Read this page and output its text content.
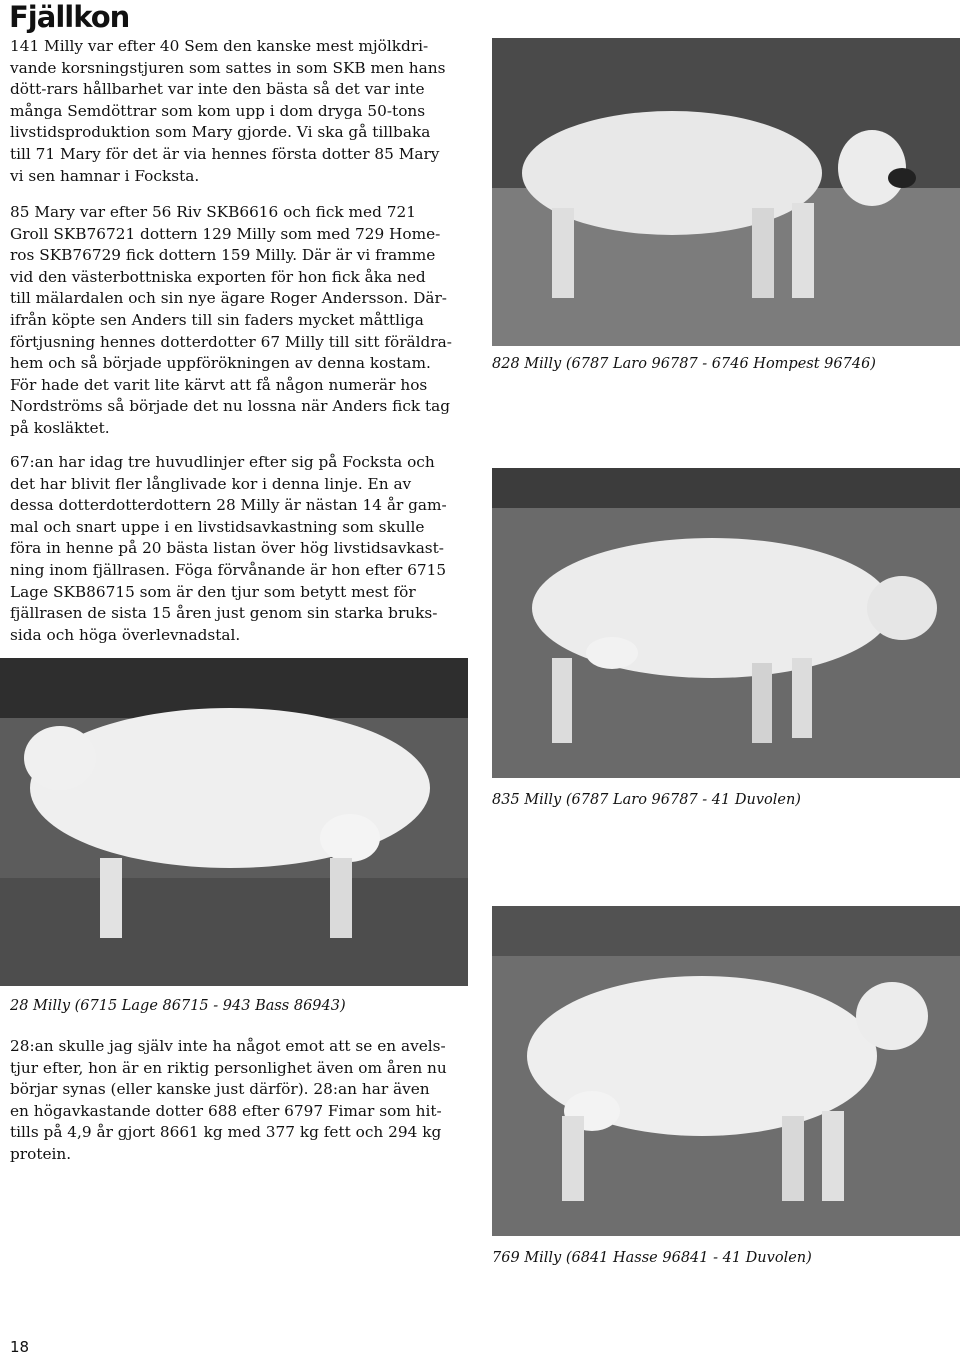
Fjällkon
141 Milly var efter 40 Sem den kanske mest mjölkdri-
vande korsningstjuren som sattes in som SKB men hans
dött-rars hållbarhet var inte den bästa så det var inte
många Semdöttrar som kom upp i dom dryga 50-tons
livstidsproduktion som Mary gjorde. Vi ska gå tillbaka
till 71 Mary för det är via hennes första dotter 85 Mary
vi sen hamnar i Focksta.
85 Mary var efter 56 Riv SKB6616 och fick med 721
Groll SKB76721 dottern 129 Milly som med 729 Home-
ros SKB76729 fick dottern 159 Milly. Där är vi framme
vid den västerbottniska exporten för hon fick åka ned
till mälardalen och sin nye ägare Roger Andersson. Där-
ifrån köpte sen Anders till sin faders mycket måttliga
förtjusning hennes dotterdotter 67 Milly till sitt föräldra-
hem och så började uppförökningen av denna kostam.
För hade det varit lite kärvt att få någon numerär hos
Nordströms så började det nu lossna när Anders fick tag
på kosläktet.
67:an har idag tre huvudlinjer efter sig på Focksta och
det har blivit fler långlivade kor i denna linje. En av
dessa dotterdotterdottern 28 Milly är nästan 14 år gam-
mal och snart uppe i en livstidsavkastning som skulle
föra in henne på 20 bästa listan över hög livstidsavkast-
ning inom fjällrasen. Föga förvånande är hon efter 6715
Lage SKB86715 som är den tjur som betytt mest för
fjällrasen de sista 15 åren just genom sin starka bruks-
sida och höga överlevnadstal.
28:an skulle jag själv inte ha något emot att se en avels-
tjur efter, hon är en riktig personlighet även om åren nu
börjar synas (eller kanske just därför). 28:an har även
en högavkastande dotter 688 efter 6797 Fimar som hit-
tills på 4,9 år gjort 8661 kg med 377 kg fett och 294 kg
protein.
828 Milly (6787 Laro 96787 - 6746 Hompest 96746)
835 Milly (6787 Laro 96787 - 41 Duvolen)
28 Milly (6715 Lage 86715 - 943 Bass 86943)
769 Milly (6841 Hasse 96841 - 41 Duvolen)
18
